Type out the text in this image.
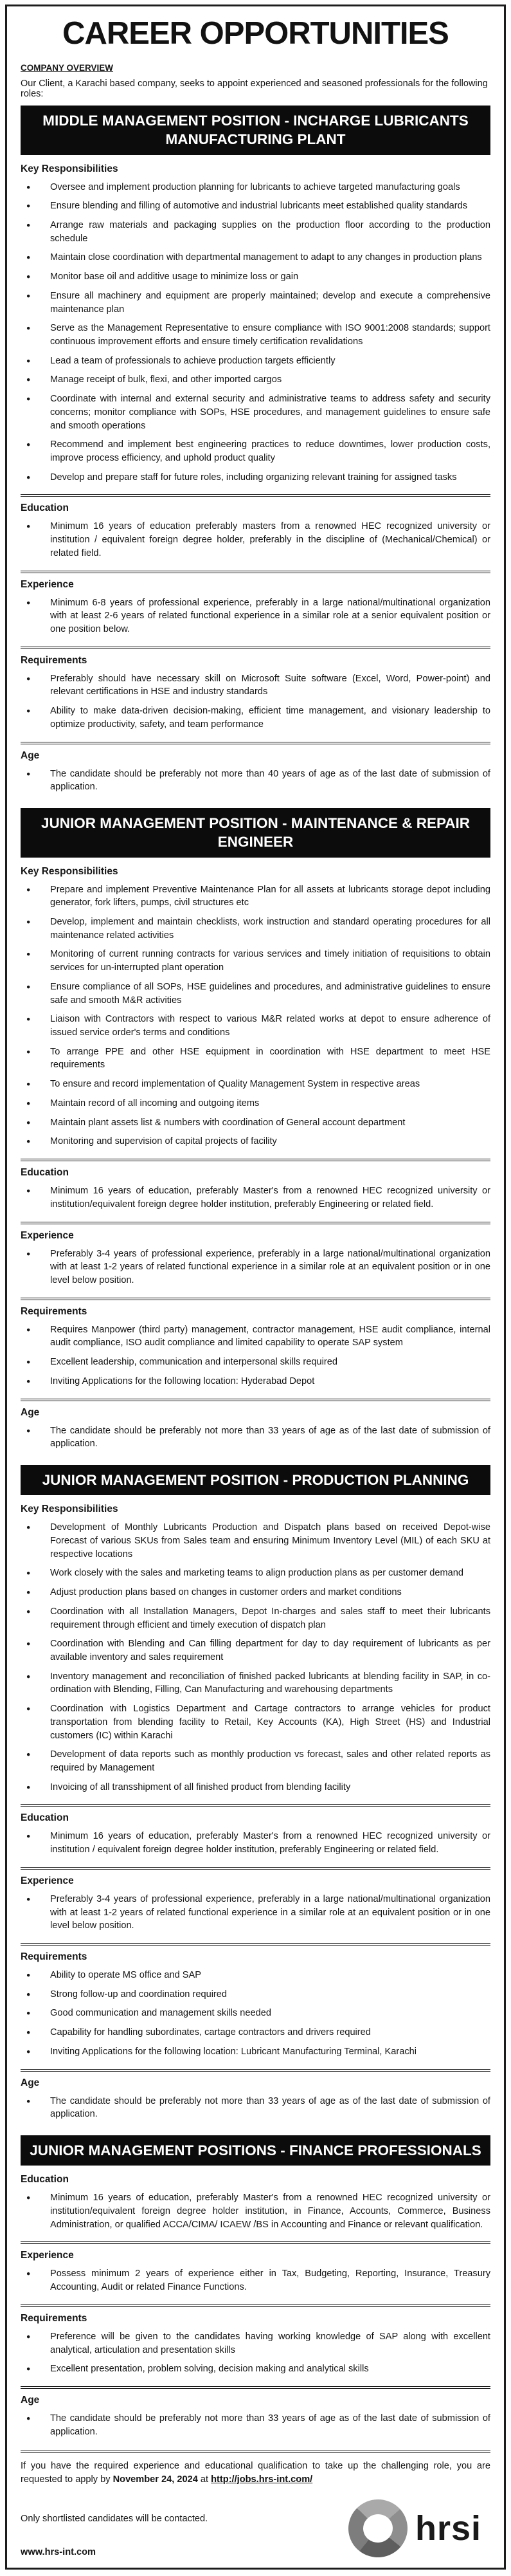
CAREER OPPORTUNITIES
COMPANY OVERVIEW

Our Client, a Karachi based company, seeks to appoint experienced and seasoned professionals for the following roles:

MIDDLE MANAGEMENT POSITION - INCHARGE LUBRICANTS MANUFACTURING PLANT
Key Responsibilities
● Oversee and implement production planning for lubricants to achieve targeted manufacturing goals
● Ensure blending and filling of automotive and industrial lubricants meet established quality standards
● Arrange raw materials and packaging supplies on the production floor according to the production schedule
● Maintain close coordination with departmental management to adapt to any changes in production plans
● Monitor base oil and additive usage to minimize loss or gain
● Ensure all machinery and equipment are properly maintained; develop and execute a comprehensive maintenance plan
● Serve as the Management Representative to ensure compliance with ISO 9001:2008 standards; support continuous improvement efforts and ensure timely certification revalidations
● Lead a team of professionals to achieve production targets efficiently
● Manage receipt of bulk, flexi, and other imported cargos
● Coordinate with internal and external security and administrative teams to address safety and security concerns; monitor compliance with SOPs, HSE procedures, and management guidelines to ensure safe and smooth operations
● Recommend and implement best engineering practices to reduce downtimes, lower production costs, improve process efficiency, and uphold product quality
● Develop and prepare staff for future roles, including organizing relevant training for assigned tasks
Education
● Minimum 16 years of education preferably masters from a renowned HEC recognized university or institution / equivalent foreign degree holder, preferably in the discipline of (Mechanical/Chemical) or related field.
Experience
● Minimum 6-8 years of professional experience, preferably in a large national/multinational organization with at least 2-6 years of related functional experience in a similar role at a senior equivalent position or one position below.
Requirements
● Preferably should have necessary skill on Microsoft Suite software (Excel, Word, Power-point) and relevant certifications in HSE and industry standards
● Ability to make data-driven decision-making, efficient time management, and visionary leadership to optimize productivity, safety, and team performance
Age
● The candidate should be preferably not more than 40 years of age as of the last date of submission of application.
JUNIOR MANAGEMENT POSITION - MAINTENANCE & REPAIR ENGINEER
Key Responsibilities
● Prepare and implement Preventive Maintenance Plan for all assets at lubricants storage depot including generator, fork lifters, pumps, civil structures etc
● Develop, implement and maintain checklists, work instruction and standard operating procedures for all maintenance related activities
● Monitoring of current running contracts for various services and timely initiation of requisitions to obtain services for un-interrupted plant operation
● Ensure compliance of all SOPs, HSE guidelines and procedures, and administrative guidelines to ensure safe and smooth M&R activities
● Liaison with Contractors with respect to various M&R related works at depot to ensure adherence of issued service order's terms and conditions
● To arrange PPE and other HSE equipment in coordination with HSE department to meet HSE requirements
● To ensure and record implementation of Quality Management System in respective areas
● Maintain record of all incoming and outgoing items
● Maintain plant assets list & numbers with coordination of General account department
● Monitoring and supervision of capital projects of facility
Education
● Minimum 16 years of education, preferably Master's from a renowned HEC recognized university or institution/equivalent foreign degree holder institution, preferably Engineering or related field.
Experience
● Preferably 3-4 years of professional experience, preferably in a large national/multinational organization with at least 1-2 years of related functional experience in a similar role at an equivalent position or in one level below position.
Requirements
● Requires Manpower (third party) management, contractor management, HSE audit compliance, internal audit compliance, ISO audit compliance and limited capability to operate SAP system
● Excellent leadership, communication and interpersonal skills required
● Inviting Applications for the following location: Hyderabad Depot
Age
● The candidate should be preferably not more than 33 years of age as of the last date of submission of application.
JUNIOR MANAGEMENT POSITION - PRODUCTION PLANNING
Key Responsibilities
● Development of Monthly Lubricants Production and Dispatch plans based on received Depot-wise Forecast of various SKUs from Sales team and ensuring Minimum Inventory Level (MIL) of each SKU at respective locations
● Work closely with the sales and marketing teams to align production plans as per customer demand
● Adjust production plans based on changes in customer orders and market conditions
● Coordination with all Installation Managers, Depot In-charges and sales staff to meet their lubricants requirement through efficient and timely execution of dispatch plan
● Coordination with Blending and Can filling department for day to day requirement of lubricants as per available inventory and sales requirement
● Inventory management and reconciliation of finished packed lubricants at blending facility in SAP, in co-ordination with Blending, Filling, Can Manufacturing and warehousing departments
● Coordination with Logistics Department and Cartage contractors to arrange vehicles for product transportation from blending facility to Retail, Key Accounts (KA), High Street (HS) and Industrial customers (IC) within Karachi
● Development of data reports such as monthly production vs forecast, sales and other related reports as required by Management
● Invoicing of all transshipment of all finished product from blending facility
Education
● Minimum 16 years of education, preferably Master's from a renowned HEC recognized university or institution / equivalent foreign degree holder institution, preferably Engineering or related field.
Experience
● Preferably 3-4 years of professional experience, preferably in a large national/multinational organization with at least 1-2 years of related functional experience in a similar role at an equivalent position or in one level below position.
Requirements
● Ability to operate MS office and SAP
● Strong follow-up and coordination required
● Good communication and management skills needed
● Capability for handling subordinates, cartage contractors and drivers required
● Inviting Applications for the following location: Lubricant Manufacturing Terminal, Karachi
Age
● The candidate should be preferably not more than 33 years of age as of the last date of submission of application.
JUNIOR MANAGEMENT POSITIONS - FINANCE PROFESSIONALS
Education
● Minimum 16 years of education, preferably Master's from a renowned HEC recognized university or institution/equivalent foreign degree holder institution, in Finance, Accounts, Commerce, Business Administration, or qualified ACCA/CIMA/ ICAEW /BS in Accounting and Finance or relevant qualification.
Experience
● Possess minimum 2 years of experience either in Tax, Budgeting, Reporting, Insurance, Treasury Accounting, Audit or related Finance Functions.
Requirements
● Preference will be given to the candidates having working knowledge of SAP along with excellent analytical, articulation and presentation skills
● Excellent presentation, problem solving, decision making and analytical skills
Age
● The candidate should be preferably not more than 33 years of age as of the last date of submission of application.

If you have the required experience and educational qualification to take up the challenging role, you are requested to apply by November 24, 2024 at http://jobs.hrs-int.com/

Only shortlisted candidates will be contacted.

www.hrs-int.com

hrsi
